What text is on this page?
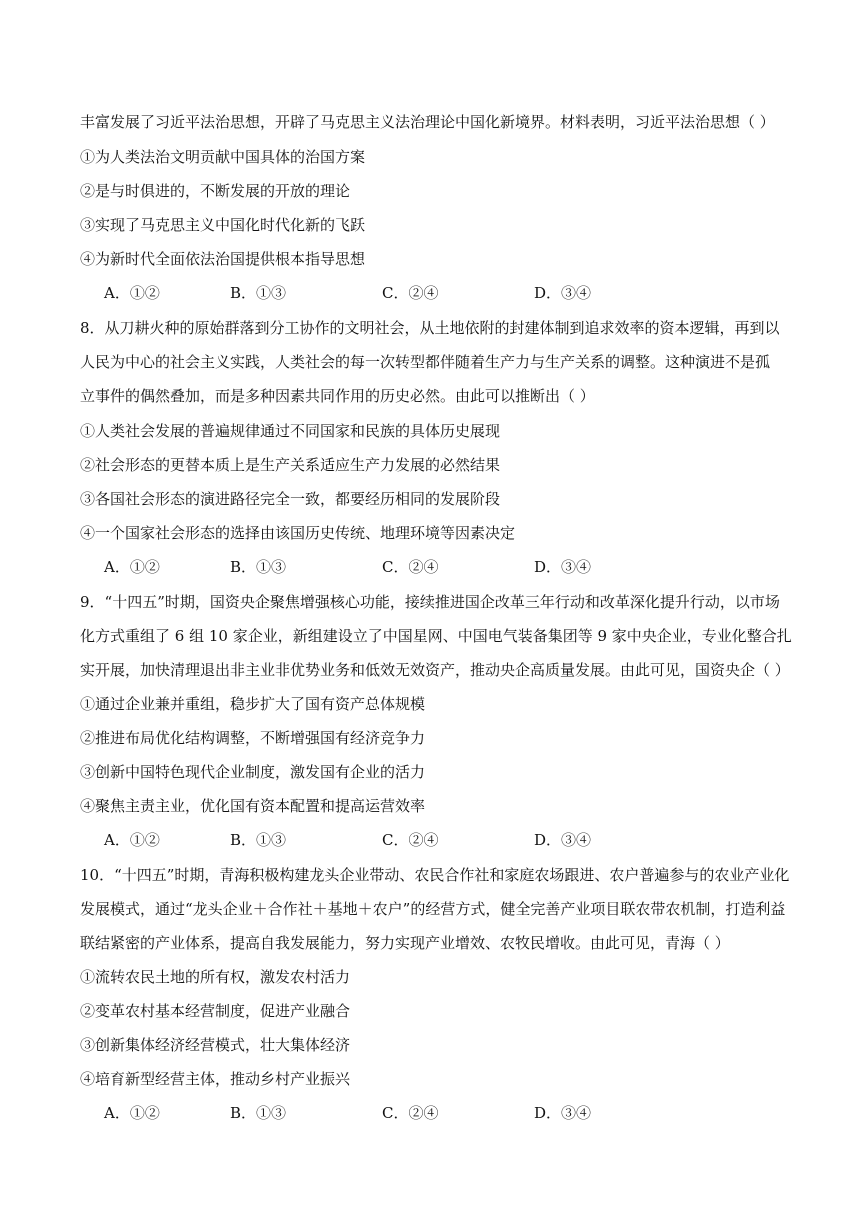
丰富发展了习近平法治思想，开辟了马克思主义法治理论中国化新境界。材料表明，习近平法治思想（ ）
①为人类法治文明贡献中国具体的治国方案
②是与时俱进的，不断发展的开放的理论
③实现了马克思主义中国化时代化新的飞跃
④为新时代全面依法治国提供根本指导思想
A．①②	B．①③	C．②④	D．③④
8．从刀耕火种的原始群落到分工协作的文明社会，从土地依附的封建体制到追求效率的资本逻辑，再到以
人民为中心的社会主义实践，人类社会的每一次转型都伴随着生产力与生产关系的调整。这种演进不是孤
立事件的偶然叠加，而是多种因素共同作用的历史必然。由此可以推断出（ ）
①人类社会发展的普遍规律通过不同国家和民族的具体历史展现
②社会形态的更替本质上是生产关系适应生产力发展的必然结果
③各国社会形态的演进路径完全一致，都要经历相同的发展阶段
④一个国家社会形态的选择由该国历史传统、地理环境等因素决定
A．①②	B．①③	C．②④	D．③④
9．“十四五”时期，国资央企聚焦增强核心功能，接续推进国企改革三年行动和改革深化提升行动，以市场
化方式重组了 6 组 10 家企业，新组建设立了中国星网、中国电气装备集团等 9 家中央企业，专业化整合扎
实开展，加快清理退出非主业非优势业务和低效无效资产，推动央企高质量发展。由此可见，国资央企（ ）
①通过企业兼并重组，稳步扩大了国有资产总体规模
②推进布局优化结构调整，不断增强国有经济竞争力
③创新中国特色现代企业制度，激发国有企业的活力
④聚焦主责主业，优化国有资本配置和提高运营效率
A．①②	B．①③	C．②④	D．③④
10．“十四五”时期，青海积极构建龙头企业带动、农民合作社和家庭农场跟进、农户普遍参与的农业产业化
发展模式，通过“龙头企业＋合作社＋基地＋农户”的经营方式，健全完善产业项目联农带农机制，打造利益
联结紧密的产业体系，提高自我发展能力，努力实现产业增效、农牧民增收。由此可见，青海（ ）
①流转农民土地的所有权，激发农村活力
②变革农村基本经营制度，促进产业融合
③创新集体经济经营模式，壮大集体经济
④培育新型经营主体，推动乡村产业振兴
A．①②	B．①③	C．②④	D．③④
